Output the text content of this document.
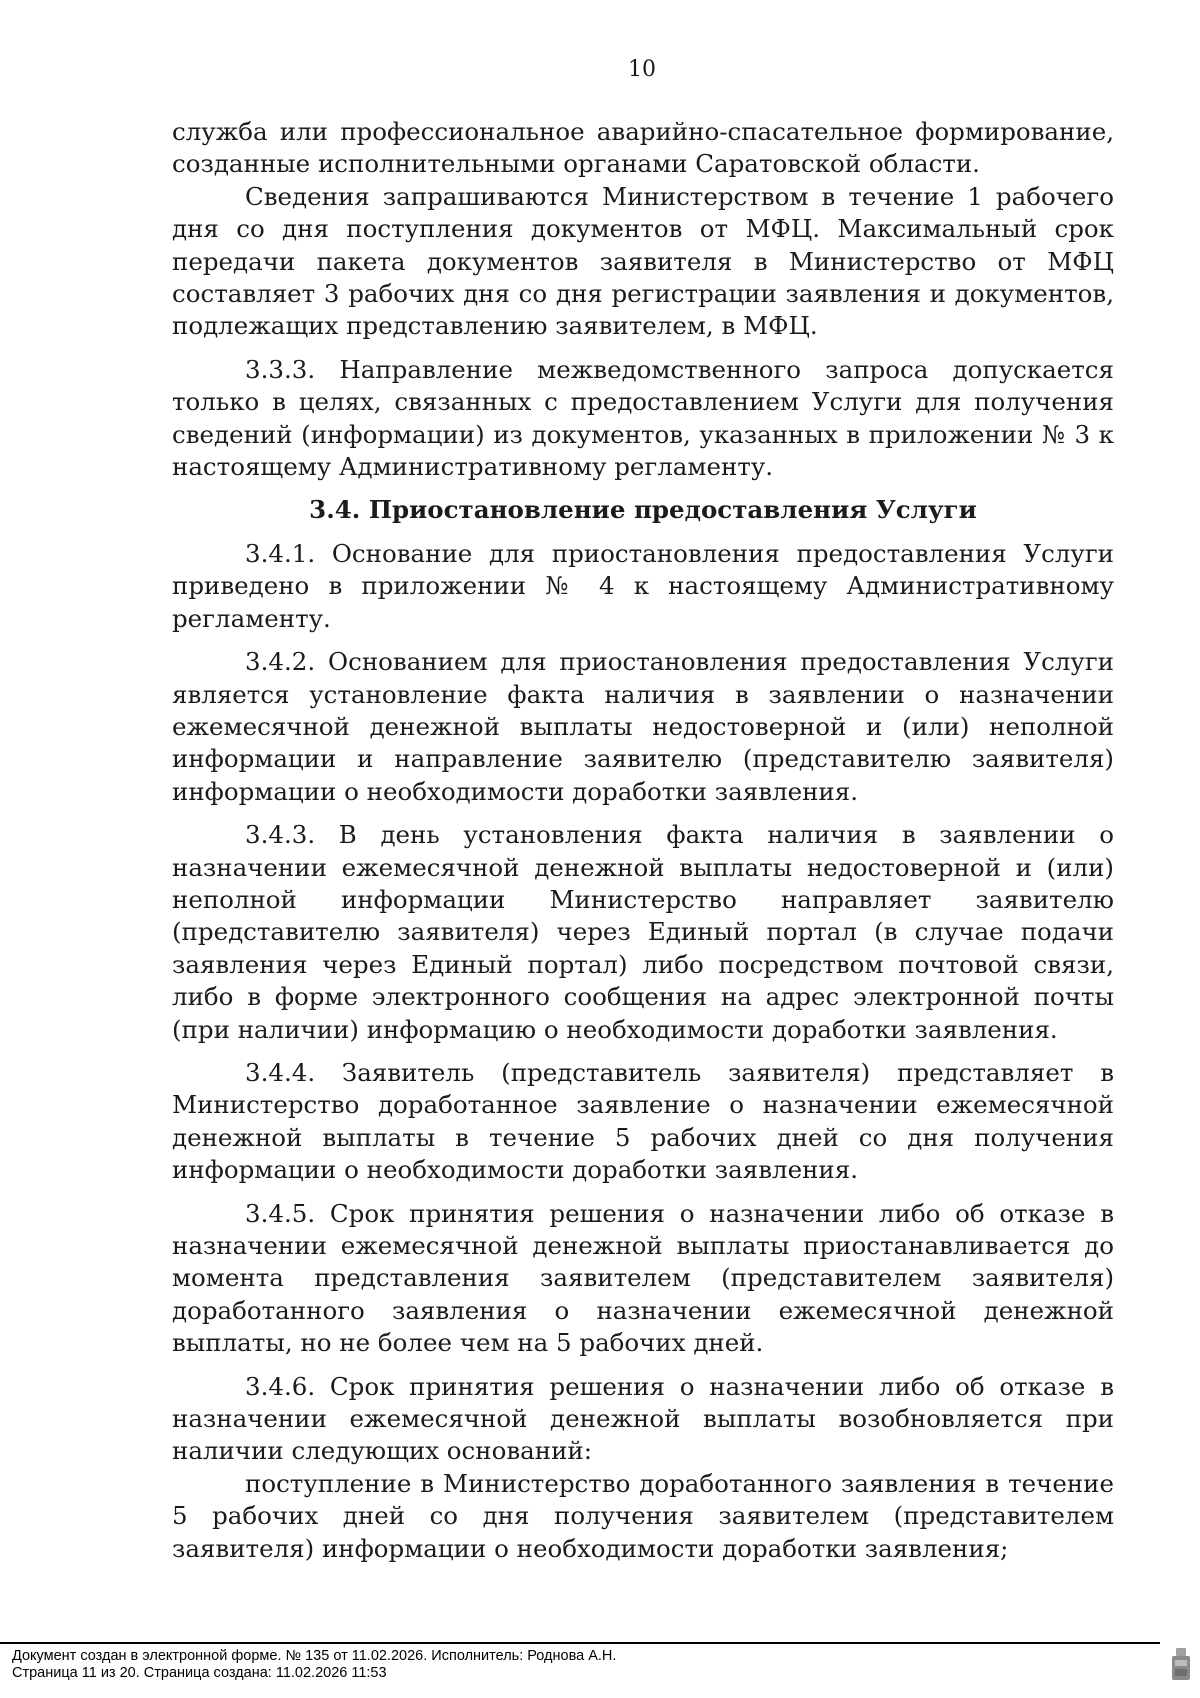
10

служба или профессиональное аварийно-спасательное формирование, созданные исполнительными органами Саратовской области.

Сведения запрашиваются Министерством в течение 1 рабочего дня со дня поступления документов от МФЦ. Максимальный срок передачи пакета документов заявителя в Министерство от МФЦ составляет 3 рабочих дня со дня регистрации заявления и документов, подлежащих представлению заявителем, в МФЦ.

3.3.3. Направление межведомственного запроса допускается только в целях, связанных с предоставлением Услуги для получения сведений (информации) из документов, указанных в приложении № 3 к настоящему Административному регламенту.

3.4. Приостановление предоставления Услуги

3.4.1. Основание для приостановления предоставления Услуги приведено в приложении № 4 к настоящему Административному регламенту.

3.4.2. Основанием для приостановления предоставления Услуги является установление факта наличия в заявлении о назначении ежемесячной денежной выплаты недостоверной и (или) неполной информации и направление заявителю (представителю заявителя) информации о необходимости доработки заявления.

3.4.3. В день установления факта наличия в заявлении о назначении ежемесячной денежной выплаты недостоверной и (или) неполной информации Министерство направляет заявителю (представителю заявителя) через Единый портал (в случае подачи заявления через Единый портал) либо посредством почтовой связи, либо в форме электронного сообщения на адрес электронной почты (при наличии) информацию о необходимости доработки заявления.

3.4.4. Заявитель (представитель заявителя) представляет в Министерство доработанное заявление о назначении ежемесячной денежной выплаты в течение 5 рабочих дней со дня получения информации о необходимости доработки заявления.

3.4.5. Срок принятия решения о назначении либо об отказе в назначении ежемесячной денежной выплаты приостанавливается до момента представления заявителем (представителем заявителя) доработанного заявления о назначении ежемесячной денежной выплаты, но не более чем на 5 рабочих дней.

3.4.6. Срок принятия решения о назначении либо об отказе в назначении ежемесячной денежной выплаты возобновляется при наличии следующих оснований:

поступление в Министерство доработанного заявления в течение 5 рабочих дней со дня получения заявителем (представителем заявителя) информации о необходимости доработки заявления;

Документ создан в электронной форме. № 135 от 11.02.2026. Исполнитель: Роднова А.Н.
Страница 11 из 20. Страница создана: 11.02.2026 11:53
